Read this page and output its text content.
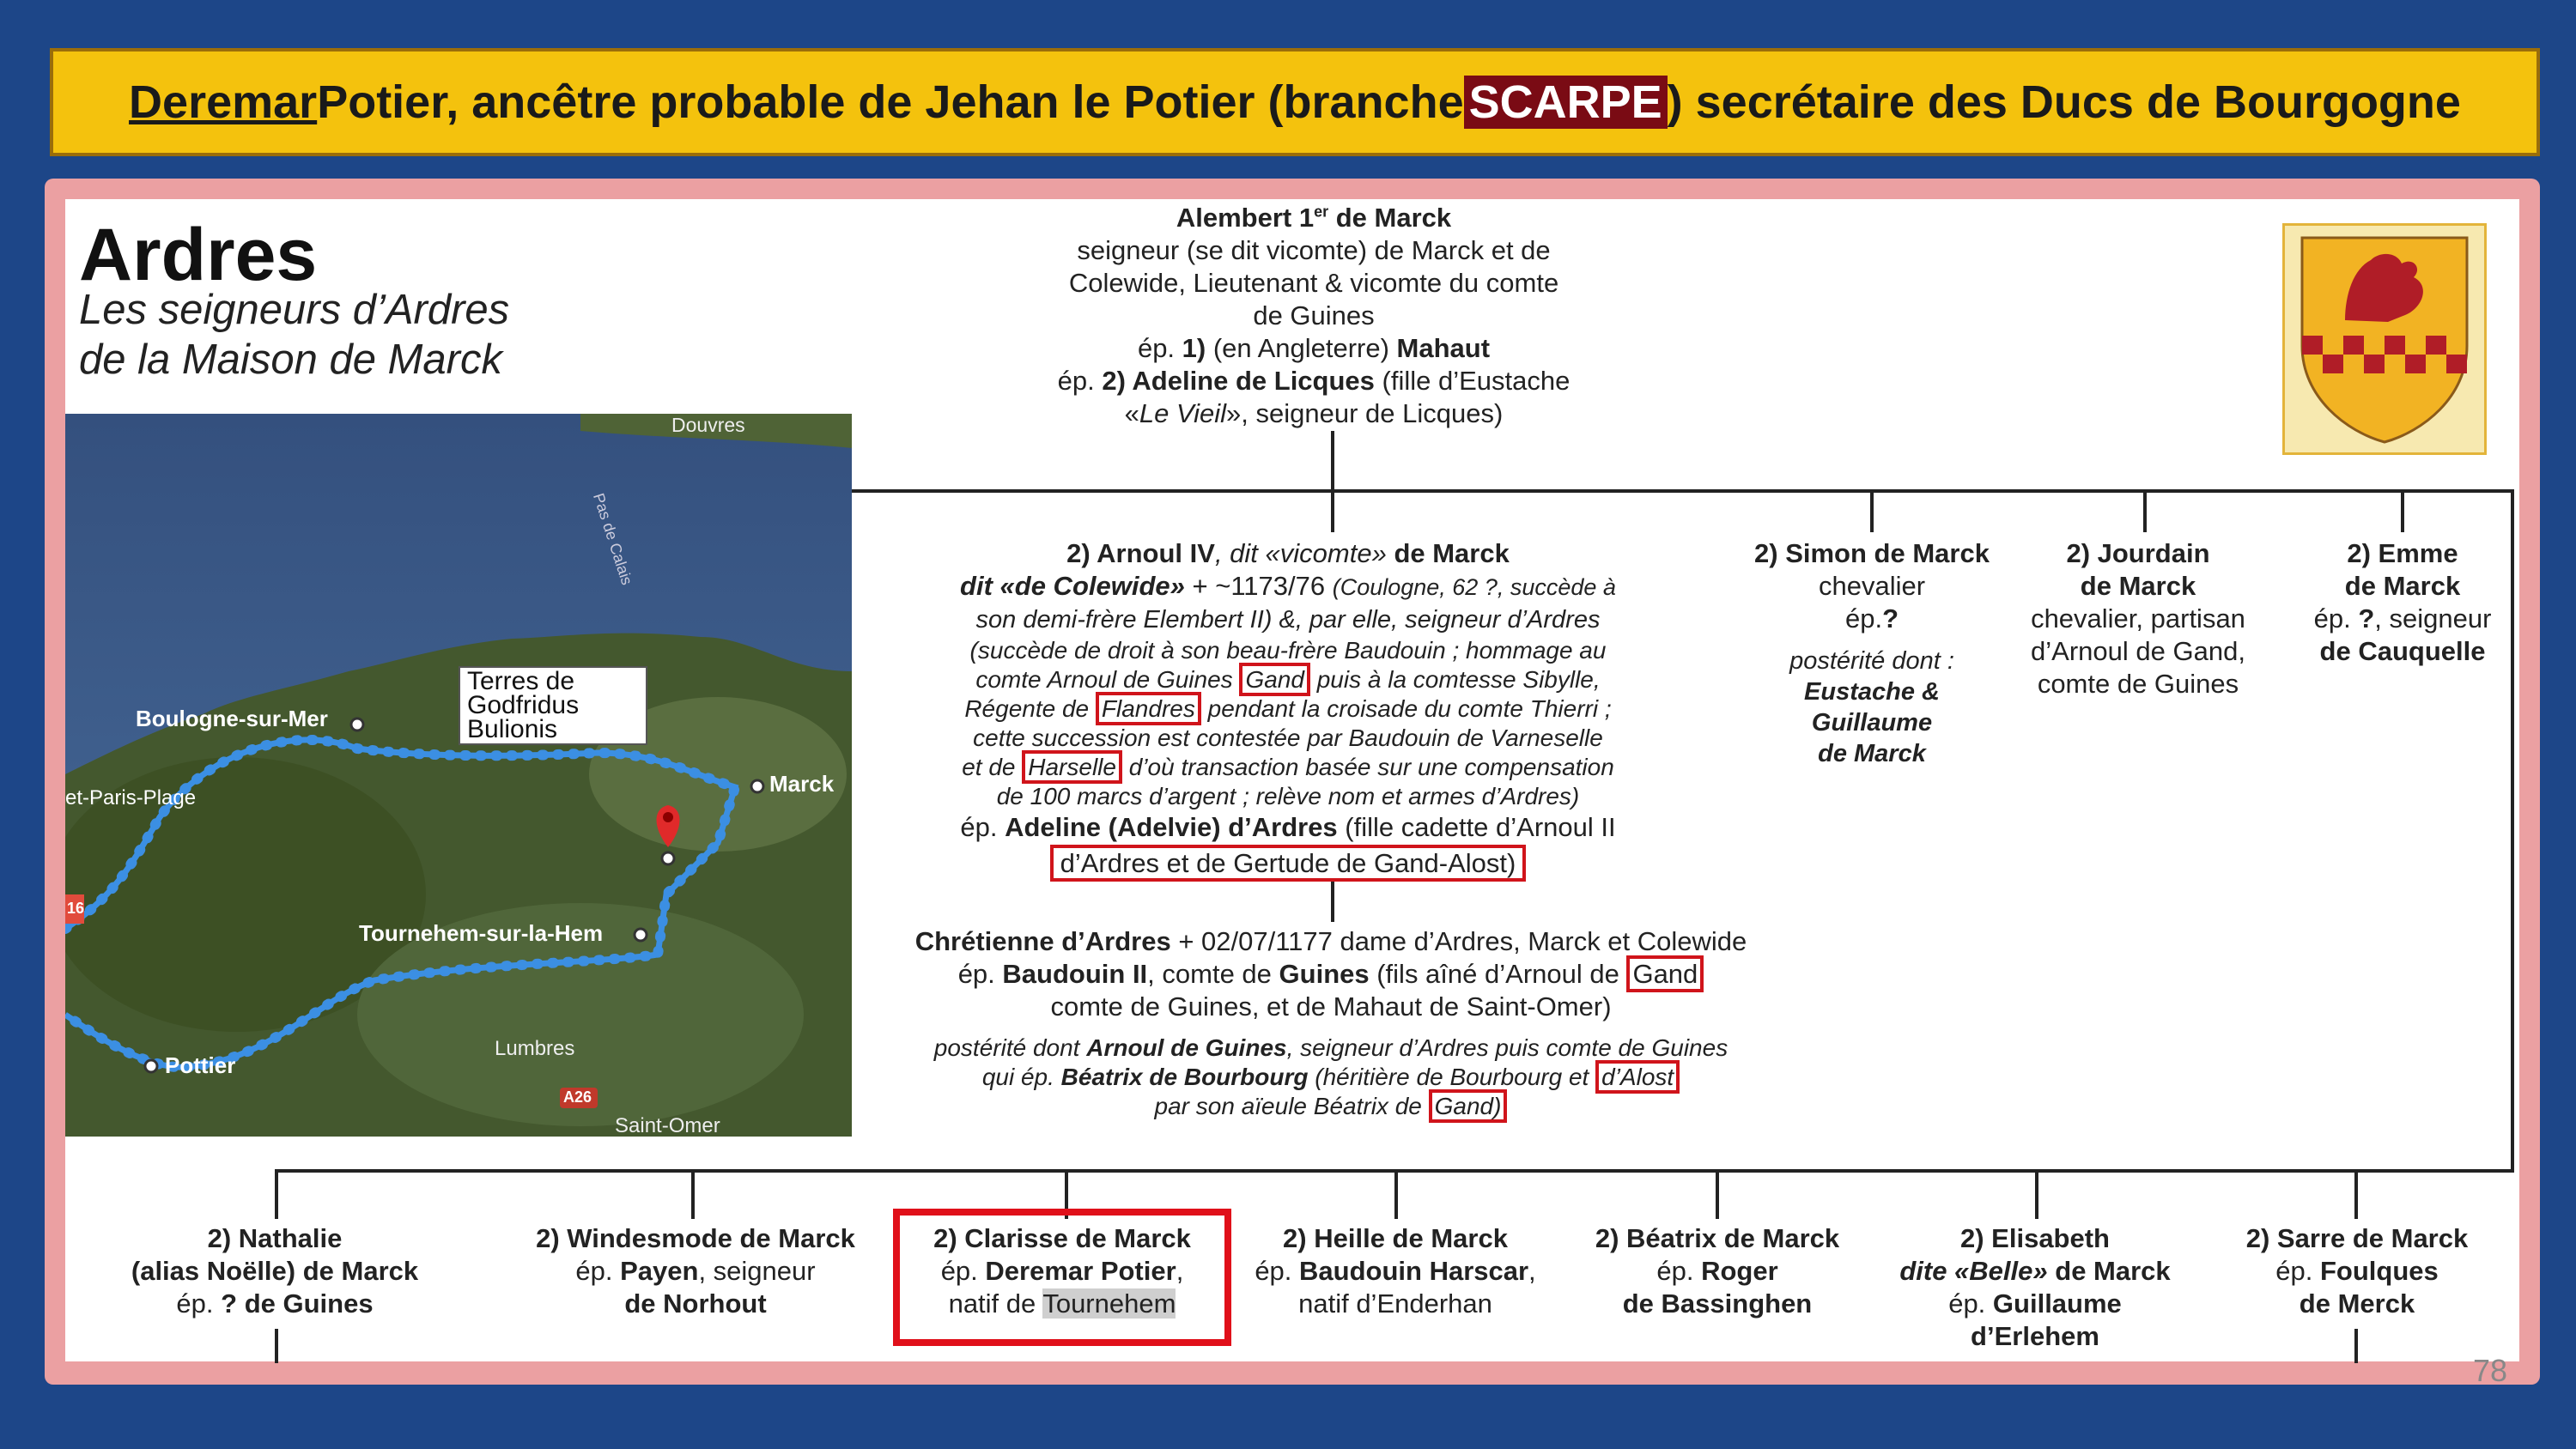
Deremar Potier, ancêtre probable de Jehan le Potier (branche SCARPE ) secrétaire des Ducs de Bourgogne
Ardres
Les seigneurs d’Ardres
de la Maison de Marck
Douvres
Pas de Calais
Boulogne-sur-Mer
Marck
et-Paris-Plage
Tournehem-sur-la-Hem
Pottier
Lumbres
Saint-Omer
A26
16
Terres de
Godfridus
Bulionis
Alembert 1er de Marck
seigneur (se dit vicomte) de Marck et de
Colewide, Lieutenant & vicomte du comte
de Guines
ép. 1) (en Angleterre) Mahaut
ép. 2) Adeline de Licques (fille d’Eustache
«Le Vieil», seigneur de Licques)
2) Arnoul IV, dit «vicomte» de Marck
dit «de Colewide» + ~1173/76 (Coulogne, 62 ?, succède à
son demi-frère Elembert II) &, par elle, seigneur d’Ardres
(succède de droit à son beau-frère Baudouin ; hommage au
comte Arnoul de Guines Gand puis à la comtesse Sibylle,
Régente de Flandres pendant la croisade du comte Thierri ;
cette succession est contestée par Baudouin de Varneselle
et de Harselle d’où transaction basée sur une compensation
de 100 marcs d’argent ; relève nom et armes d’Ardres)
ép. Adeline (Adelvie) d’Ardres (fille cadette d’Arnoul II
d’Ardres et de Gertude de Gand-Alost)
2) Simon de Marck
chevalier
ép.?
postérité dont :
Eustache &
Guillaume
de Marck
2) Jourdain
de Marck
chevalier, partisan
d’Arnoul de Gand,
comte de Guines
2) Emme
de Marck
ép. ?, seigneur
de Cauquelle
Chrétienne d’Ardres + 02/07/1177 dame d’Ardres, Marck et Colewide
ép. Baudouin II, comte de Guines (fils aîné d’Arnoul de Gand
comte de Guines, et de Mahaut de Saint-Omer)
postérité dont Arnoul de Guines, seigneur d’Ardres puis comte de Guines
qui ép. Béatrix de Bourbourg (héritière de Bourbourg et d’Alost
par son aïeule Béatrix de Gand)
2) Nathalie
(alias Noëlle) de Marck
ép. ? de Guines
2) Windesmode de Marck
ép. Payen, seigneur
de Norhout
2) Clarisse de Marck
ép. Deremar Potier,
natif de Tournehem
2) Heille de Marck
ép. Baudouin Harscar,
natif d’Enderhan
2) Béatrix de Marck
ép. Roger
de Bassinghen
2) Elisabeth
dite «Belle» de Marck
ép. Guillaume
d’Erlehem
2) Sarre de Marck
ép. Foulques
de Merck
78
